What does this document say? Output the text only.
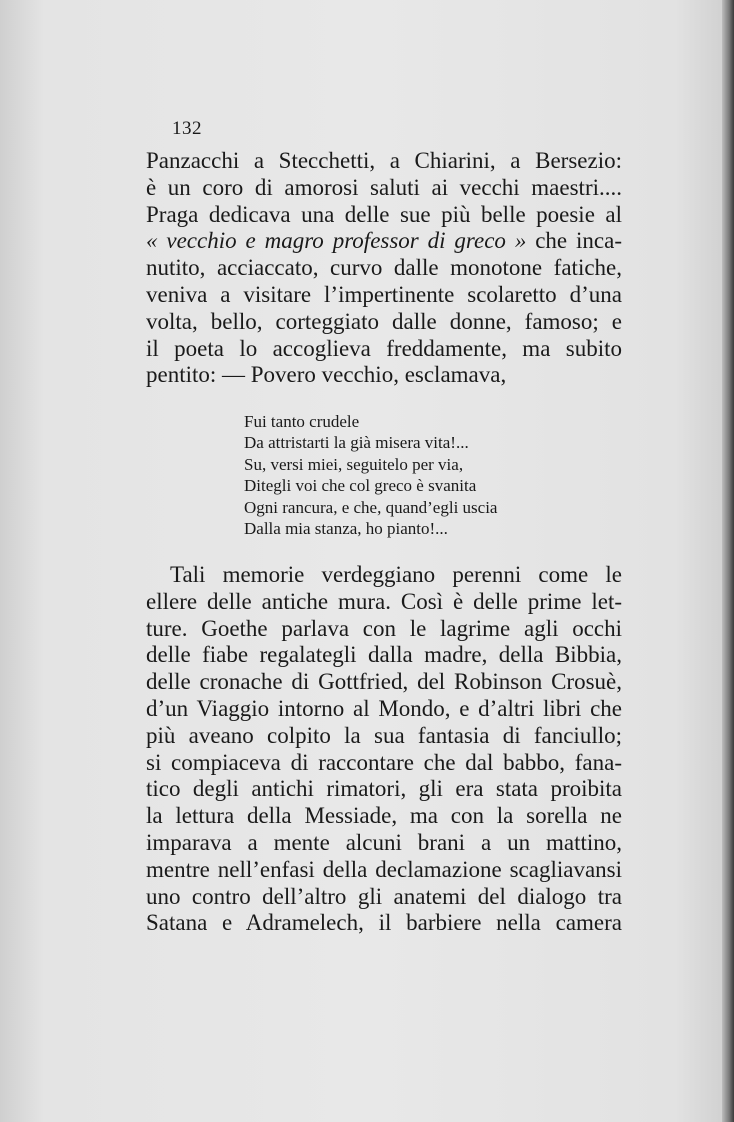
132
Panzacchi a Stecchetti, a Chiarini, a Bersezio:
è un coro di amorosi saluti ai vecchi maestri....
Praga dedicava una delle sue più belle poesie al
« vecchio e magro professor di greco » che inca-
nutito, acciaccato, curvo dalle monotone fatiche,
veniva a visitare l’impertinente scolaretto d’una
volta, bello, corteggiato dalle donne, famoso; e
il poeta lo accoglieva freddamente, ma subito
pentito: — Povero vecchio, esclamava,
Fui tanto crudele
Da attristarti la già misera vita!...
Su, versi miei, seguitelo per via,
Ditegli voi che col greco è svanita
Ogni rancura, e che, quand’egli uscia
Dalla mia stanza, ho pianto!...
Tali memorie verdeggiano perenni come le
ellere delle antiche mura. Così è delle prime let-
ture. Goethe parlava con le lagrime agli occhi
delle fiabe regalategli dalla madre, della Bibbia,
delle cronache di Gottfried, del Robinson Crosuè,
d’un Viaggio intorno al Mondo, e d’altri libri che
più aveano colpito la sua fantasia di fanciullo;
si compiaceva di raccontare che dal babbo, fana-
tico degli antichi rimatori, gli era stata proibita
la lettura della Messiade, ma con la sorella ne
imparava a mente alcuni brani a un mattino,
mentre nell’enfasi della declamazione scagliavansi
uno contro dell’altro gli anatemi del dialogo tra
Satana e Adramelech, il barbiere nella camera
